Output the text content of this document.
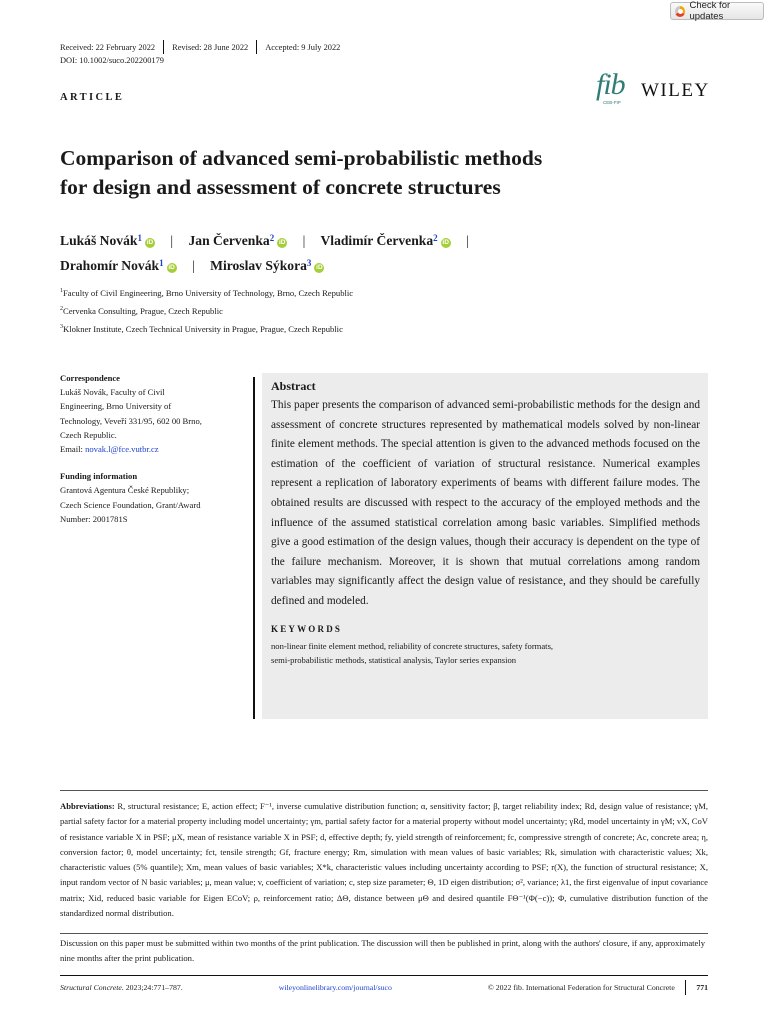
Check for updates
Received: 22 February 2022 Revised: 28 June 2022 Accepted: 9 July 2022
DOI: 10.1002/suco.202200179
ARTICLE	fib
CEB-FIP
WILEY
Comparison of advanced semi-probabilistic methods
for design and assessment of concrete structures
Lukáš Novák$^1$ iD | Jan Červenka$^2$ iD | Vladimír Červenka$^2$ iD |
Drahomír Novák$^1$ iD | Miroslav Sýkora$^3$ iD
$^1$Faculty of Civil Engineering, Brno University of Technology, Brno, Czech Republic
$^2$Cervenka Consulting, Prague, Czech Republic
$^3$Klokner Institute, Czech Technical University in Prague, Prague, Czech Republic
Correspondence
Lukáš Novák, Faculty of Civil
Engineering, Brno University of
Technology, Veveří 331/95, 602 00 Brno,
Czech Republic.
Email: novak.l@fce.vutbr.cz
Funding information
Grantová Agentura České Republiky;
Czech Science Foundation, Grant/Award
Number: 2001781S
Abstract
This paper presents the comparison of advanced semi-probabilistic methods for the design and assessment of concrete structures represented by mathematical models solved by non-linear finite element methods. The special attention is given to the advanced methods focused on the estimation of the coefficient of variation of structural resistance. Numerical examples represent a replication of laboratory experiments of beams with different failure modes. The obtained results are discussed with respect to the accuracy of the employed methods and the influence of the assumed statistical correlation among basic variables. Simplified methods give a good estimation of the design values, though their accuracy is dependent on the type of the failure mechanism. Moreover, it is shown that mutual correlations among random variables may significantly affect the design value of resistance, and they should be carefully defined and modeled.
KEYWORDS
non-linear finite element method, reliability of concrete structures, safety formats,
semi-probabilistic methods, statistical analysis, Taylor series expansion
Abbreviations: R, structural resistance; E, action effect; F⁻¹, inverse cumulative distribution function; α, sensitivity factor; β, target reliability index; Rd, design value of resistance; γM, partial safety factor for a material property including model uncertainty; γm, partial safety factor for a material property without model uncertainty; γRd, model uncertainty in γM; vX, CoV of resistance variable X in PSF; μX, mean of resistance variable X in PSF; d, effective depth; fy, yield strength of reinforcement; fc, compressive strength of concrete; Ac, concrete area; η, conversion factor; θ, model uncertainty; fct, tensile strength; Gf, fracture energy; Rm, simulation with mean values of basic variables; Rk, simulation with characteristic values; Xk, characteristic values (5% quantile); Xm, mean values of basic variables; X*k, characteristic values including uncertainty according to PSF; r(X), the function of structural resistance; X, input random vector of N basic variables; μ, mean value; v, coefficient of variation; c, step size parameter; Θ, 1D eigen distribution; σ², variance; λ1, the first eigenvalue of input covariance matrix; Xid, reduced basic variable for Eigen ECoV; ρ, reinforcement ratio; ΔΘ, distance between μΘ and desired quantile FΘ⁻¹(Φ(−c)); Φ, cumulative distribution function of the standardized normal distribution.
Discussion on this paper must be submitted within two months of the print publication. The discussion will then be published in print, along with the authors' closure, if any, approximately nine months after the print publication.
Structural Concrete. 2023;24:771–787.	wileyonlinelibrary.com/journal/suco	© 2022 fib. International Federation for Structural Concrete	771
